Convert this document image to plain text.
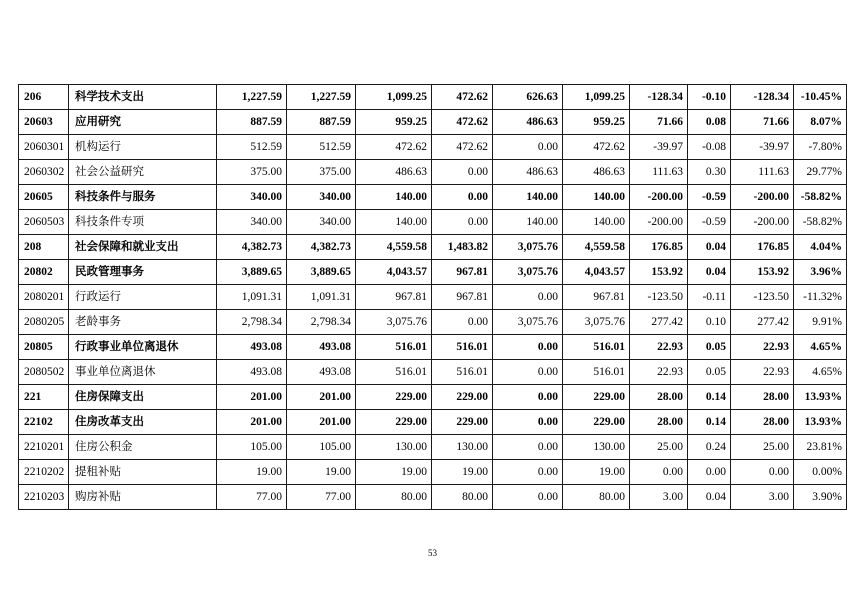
206	科学技术支出	1,227.59	1,227.59	1,099.25	472.62	626.63	1,099.25	-128.34	-0.10	-128.34	-10.45%
20603	应用研究	887.59	887.59	959.25	472.62	486.63	959.25	71.66	0.08	71.66	8.07%
2060301	机构运行	512.59	512.59	472.62	472.62	0.00	472.62	-39.97	-0.08	-39.97	-7.80%
2060302	社会公益研究	375.00	375.00	486.63	0.00	486.63	486.63	111.63	0.30	111.63	29.77%
20605	科技条件与服务	340.00	340.00	140.00	0.00	140.00	140.00	-200.00	-0.59	-200.00	-58.82%
2060503	科技条件专项	340.00	340.00	140.00	0.00	140.00	140.00	-200.00	-0.59	-200.00	-58.82%
208	社会保障和就业支出	4,382.73	4,382.73	4,559.58	1,483.82	3,075.76	4,559.58	176.85	0.04	176.85	4.04%
20802	民政管理事务	3,889.65	3,889.65	4,043.57	967.81	3,075.76	4,043.57	153.92	0.04	153.92	3.96%
2080201	行政运行	1,091.31	1,091.31	967.81	967.81	0.00	967.81	-123.50	-0.11	-123.50	-11.32%
2080205	老龄事务	2,798.34	2,798.34	3,075.76	0.00	3,075.76	3,075.76	277.42	0.10	277.42	9.91%
20805	行政事业单位离退休	493.08	493.08	516.01	516.01	0.00	516.01	22.93	0.05	22.93	4.65%
2080502	事业单位离退休	493.08	493.08	516.01	516.01	0.00	516.01	22.93	0.05	22.93	4.65%
221	住房保障支出	201.00	201.00	229.00	229.00	0.00	229.00	28.00	0.14	28.00	13.93%
22102	住房改革支出	201.00	201.00	229.00	229.00	0.00	229.00	28.00	0.14	28.00	13.93%
2210201	住房公积金	105.00	105.00	130.00	130.00	0.00	130.00	25.00	0.24	25.00	23.81%
2210202	提租补贴	19.00	19.00	19.00	19.00	0.00	19.00	0.00	0.00	0.00	0.00%
2210203	购房补贴	77.00	77.00	80.00	80.00	0.00	80.00	3.00	0.04	3.00	3.90%
53
